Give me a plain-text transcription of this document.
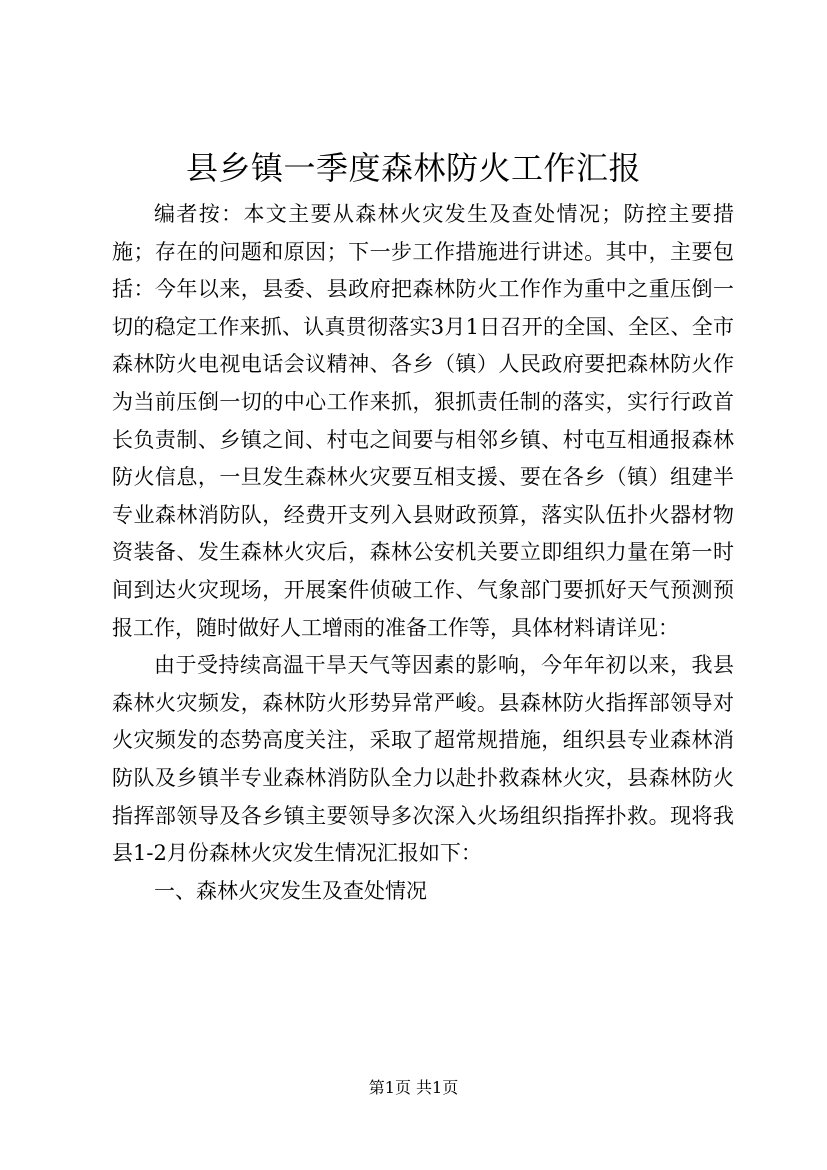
县乡镇一季度森林防火工作汇报

编者按：本文主要从森林火灾发生及查处情况；防控主要措施；存在的问题和原因；下一步工作措施进行讲述。其中，主要包括：今年以来，县委、县政府把森林防火工作作为重中之重压倒一切的稳定工作来抓、认真贯彻落实3月1日召开的全国、全区、全市森林防火电视电话会议精神、各乡（镇）人民政府要把森林防火作为当前压倒一切的中心工作来抓，狠抓责任制的落实，实行行政首长负责制、乡镇之间、村屯之间要与相邻乡镇、村屯互相通报森林防火信息，一旦发生森林火灾要互相支援、要在各乡（镇）组建半专业森林消防队，经费开支列入县财政预算，落实队伍扑火器材物资装备、发生森林火灾后，森林公安机关要立即组织力量在第一时间到达火灾现场，开展案件侦破工作、气象部门要抓好天气预测预报工作，随时做好人工增雨的准备工作等，具体材料请详见：

由于受持续高温干旱天气等因素的影响，今年年初以来，我县森林火灾频发，森林防火形势异常严峻。县森林防火指挥部领导对火灾频发的态势高度关注，采取了超常规措施，组织县专业森林消防队及乡镇半专业森林消防队全力以赴扑救森林火灾，县森林防火指挥部领导及各乡镇主要领导多次深入火场组织指挥扑救。现将我县1-2月份森林火灾发生情况汇报如下：

一、森林火灾发生及查处情况

第1页 共1页
